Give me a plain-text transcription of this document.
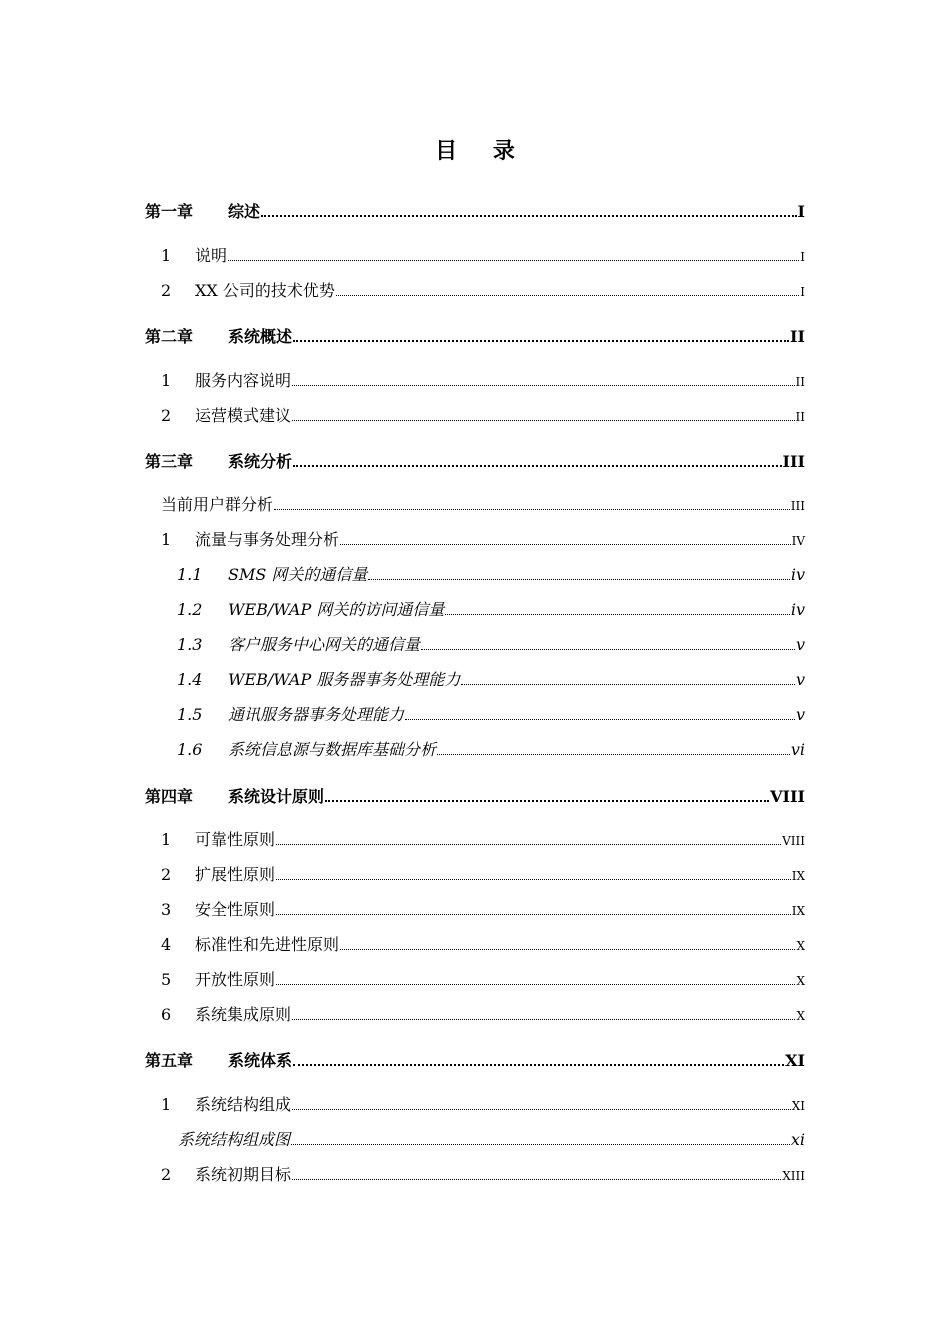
目 录
第一章	综述	I
1	说明	I
2	XX 公司的技术优势	I
第二章	系统概述	II
1	服务内容说明	II
2	运营模式建议	II
第三章	系统分析	III
当前用户群分析	III
1	流量与事务处理分析	IV
1.1	SMS 网关的通信量	iv
1.2	WEB/WAP 网关的访问通信量	iv
1.3	客户服务中心网关的通信量	v
1.4	WEB/WAP 服务器事务处理能力	v
1.5	通讯服务器事务处理能力	v
1.6	系统信息源与数据库基础分析	vi
第四章	系统设计原则	VIII
1	可靠性原则	VIII
2	扩展性原则	IX
3	安全性原则	IX
4	标准性和先进性原则	X
5	开放性原则	X
6	系统集成原则	X
第五章	系统体系	XI
1	系统结构组成	XI
系统结构组成图	xi
2	系统初期目标	XIII
